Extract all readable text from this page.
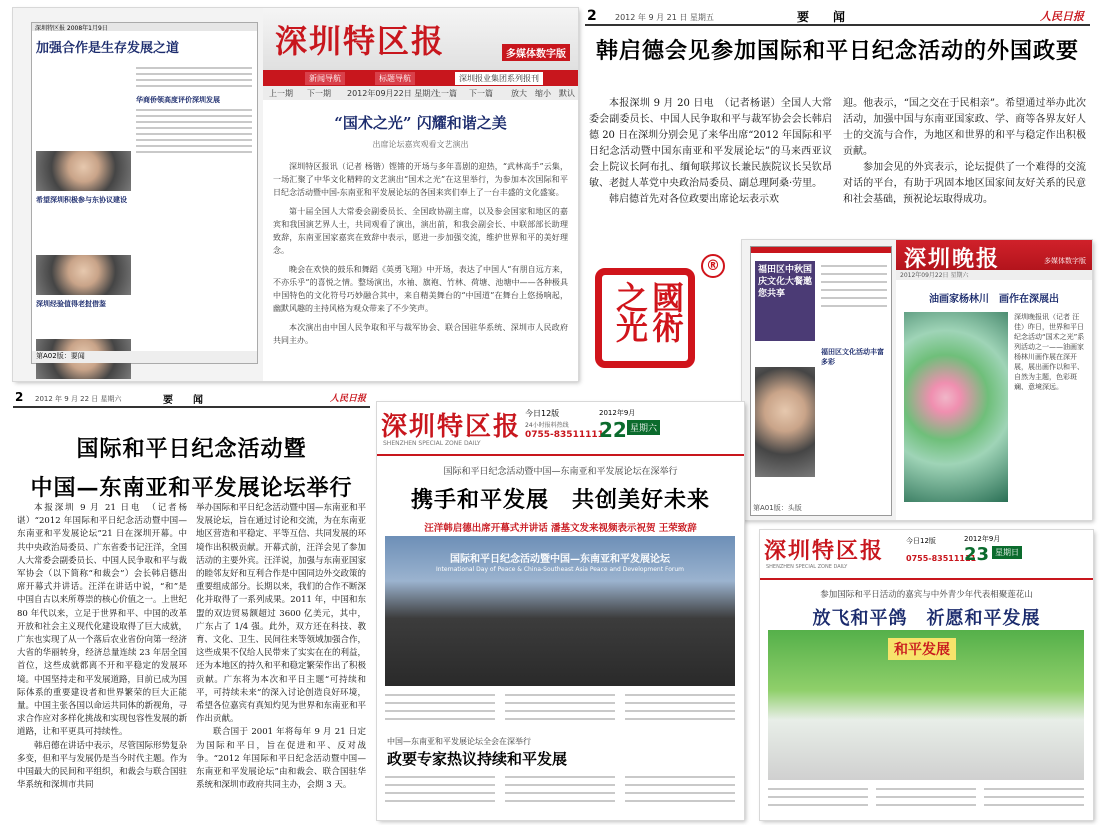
深圳特区报 2008年1月9日
加强合作是生存发展之道
希望深圳积极参与东协议建设
深圳经验值得老挝借鉴
华商侨领高度评价深圳发展
第A02版：要闻
深圳特区报	多媒体数字版
新闻导航	标题导航	深圳报业集团系列报刊
上一期 下一期 2012年09月22日 星期六
上一篇 下一篇 放大 缩小 默认
“国术之光” 闪耀和谐之美
出席论坛嘉宾观看文艺演出

深圳特区报讯（记者 杨锴）铿锵的开场与多年喜剧的迎热，“武林高手”云集，一场汇聚了中华文化精粹的文艺演出“国术之光”在这里举行，为参加本次国际和平日纪念活动暨中国-东南亚和平发展论坛的各国来宾们奉上了一台丰盛的文化盛宴。

第十届全国人大常委会副委员长、全国政协副主席，以及参会国家和地区的嘉宾和我国演艺界人士，共同观看了演出，演出前，和我会副会长、中联部部长助理致辞，东南亚国家嘉宾在致辞中表示，愿进一步加强交流，维护世界和平的美好理念。

晚会在欢快的鼓乐和舞蹈《英勇飞翔》中开场，表达了中国人“有朋自远方来，不亦乐乎”的喜悦之情。整场演出，水袖、旗袍、竹林、荷塘、池塘中——各种极具中国特色的文化符号巧妙融合其中，来自精美舞台的“中国道”在舞台上悠扬响起，幽默风趣的主持风格为观众带来了不少笑声。

本次演出由中国人民争取和平与裁军协会、联合国驻华系统、深圳市人民政府共同主办。

2 2012 年 9 月 21 日 星期五	要　　闻	人民日报
韩启德会见参加国际和平日纪念活动的外国政要

本报深圳 9 月 20 日电　（记者杨谌）全国人大常委会副委员长、中国人民争取和平与裁军协会会长韩启德 20 日在深圳分别会见了来华出席“2012 年国际和平日纪念活动暨中国东南亚和平发展论坛”的马来西亚议会上院议长阿布扎、缅甸联邦议长兼民族院议长吴钦昂敏、老挝人革党中央政治局委员、副总理阿桑·劳里。

韩启德首先对各位政要出席论坛表示欢

迎。他表示，“国之交在于民相亲”。希望通过举办此次活动，加强中国与东南亚国家政、学、商等各界友好人士的交流与合作，为地区和世界的和平与稳定作出积极贡献。

参加会见的外宾表示，论坛提供了一个难得的交流对话的平台，有助于巩固本地区国家间友好关系的民意和社会基础，预祝论坛取得成功。

國術之光
®	福田区中秋国庆文化大餐邀您共享
福田区文化活动丰富多彩
第A01版：头版
深圳晚报	多媒体数字版
2012年09月22日 星期六
油画家杨林川　画作在深展出
深圳晚报讯（记者 汪佳）昨日，世界和平日纪念活动“国术之光”系列活动之一——油画家杨林川画作展在深开展，展出画作以和平、自然为主题，色彩斑斓、意境深远。
2 2012 年 9 月 22 日 星期六	要　　闻	人民日报
国际和平日纪念活动暨
中国—东南亚和平发展论坛举行

本报深圳 9 月 21 日电　（记者杨谌）“2012 年国际和平日纪念活动暨中国—东南亚和平发展论坛”21 日在深圳开幕。中共中央政治局委员、广东省委书记汪洋，全国人大常委会副委员长、中国人民争取和平与裁军协会（以下简称“和裁会”）会长韩启德出席开幕式并讲话。汪洋在讲话中说，“和”是中国自古以来所尊崇的核心价值之一。上世纪 80 年代以来，立足于世界和平、中国的改革开放和社会主义现代化建设取得了巨大成就，广东也实现了从一个落后农业省份向第一经济大省的华丽转身，经济总量连续 23 年居全国首位，这些成就都离不开和平稳定的发展环境。中国坚持走和平发展道路，目前已成为国际体系的重要建设者和世界繁荣的巨大正能量。中国主张各国以命运共同体的新视角，寻求合作应对多样化挑战和实现包容性发展的新道路，让和平更具可持续性。

韩启德在讲话中表示，尽管国际形势复杂多变，但和平与发展仍是当今时代主题。作为中国最大的民间和平组织，和裁会与联合国驻华系统和深圳市共同

举办国际和平日纪念活动暨中国—东南亚和平发展论坛，旨在通过讨论和交流，为在东南亚地区营造和平稳定、平等互信、共同发展的环境作出积极贡献。开幕式前，汪洋会见了参加活动的主要外宾。汪洋说，加强与东南亚国家的睦邻友好和互利合作是中国同边外交政策的重要组成部分。长期以来，我们的合作不断深化并取得了一系列成果。2011 年，中国和东盟的双边贸易额超过 3600 亿美元，其中，广东占了 1/4 强。此外，双方还在科技、教育、文化、卫生、民间往来等领域加强合作，这些成果不仅给人民带来了实实在在的利益，还为本地区的持久和平和稳定繁荣作出了积极贡献。广东将为本次和平日主题“可持续和平，可持续未来”的深入讨论创造良好环境，希望各位嘉宾有真知灼见为世界和东南亚和平作出贡献。

联合国于 2001 年将每年 9 月 21 日定为国际和平日，旨在促进和平、反对战争。“2012 年国际和平日纪念活动暨中国—东南亚和平发展论坛”由和裁会、联合国驻华系统和深圳市政府共同主办，会期 3 天。

深圳特区报
SHENZHEN SPECIAL ZONE DAILY
今日12版
24小时报料热线
0755-83511111
2012年9月
22 星期六
国际和平日纪念活动暨中国—东南亚和平发展论坛在深举行
携手和平发展　共创美好未来
汪洋韩启德出席开幕式并讲话 潘基文发来视频表示祝贺 王荣致辞
国际和平日纪念活动暨中国—东南亚和平发展论坛
International Day of Peace & China-Southeast Asia Peace and Development Forum
中国—东南亚和平发展论坛全会在深举行
政要专家热议持续和平发展
深圳特区报
SHENZHEN SPECIAL ZONE DAILY
今日12版
0755-83511111
2012年9月
23 星期日
参加国际和平日活动的嘉宾与中外青少年代表相聚莲花山
放飞和平鸽　祈愿和平发展
和平发展
